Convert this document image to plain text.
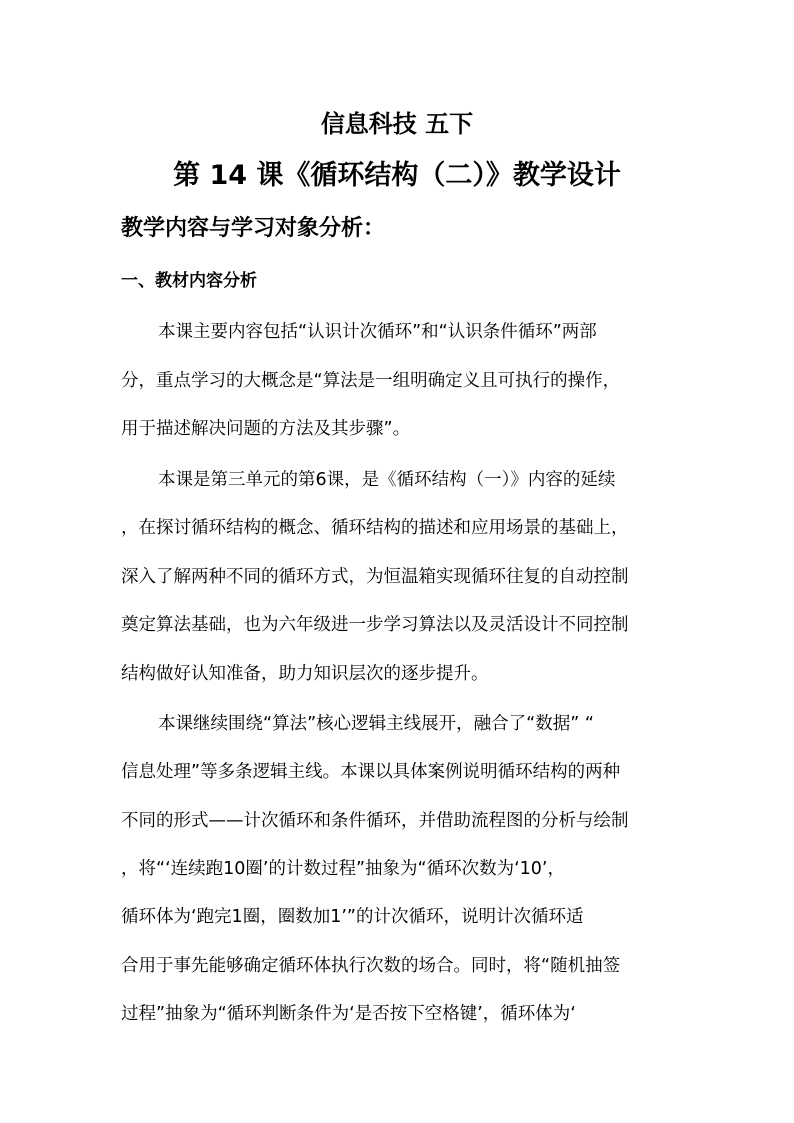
信息科技 五下
第 14 课《循环结构（二）》教学设计
教学内容与学习对象分析：
一、教材内容分析
本课主要内容包括“认识计次循环”和“认识条件循环”两部
分，重点学习的大概念是“算法是一组明确定义且可执行的操作，
用于描述解决问题的方法及其步骤”。
本课是第三单元的第6课，是《循环结构（一）》内容的延续
，在探讨循环结构的概念、循环结构的描述和应用场景的基础上，
深入了解两种不同的循环方式，为恒温箱实现循环往复的自动控制
奠定算法基础，也为六年级进一步学习算法以及灵活设计不同控制
结构做好认知准备，助力知识层次的逐步提升。
本课继续围绕“算法”核心逻辑主线展开，融合了“数据” “
信息处理”等多条逻辑主线。本课以具体案例说明循环结构的两种
不同的形式——计次循环和条件循环，并借助流程图的分析与绘制
，将“‘连续跑10圈’的计数过程”抽象为“循环次数为‘10’，
循环体为‘跑完1圈，圈数加1’”的计次循环，说明计次循环适
合用于事先能够确定循环体执行次数的场合。同时，将“随机抽签
过程”抽象为“循环判断条件为‘是否按下空格键’，循环体为‘
